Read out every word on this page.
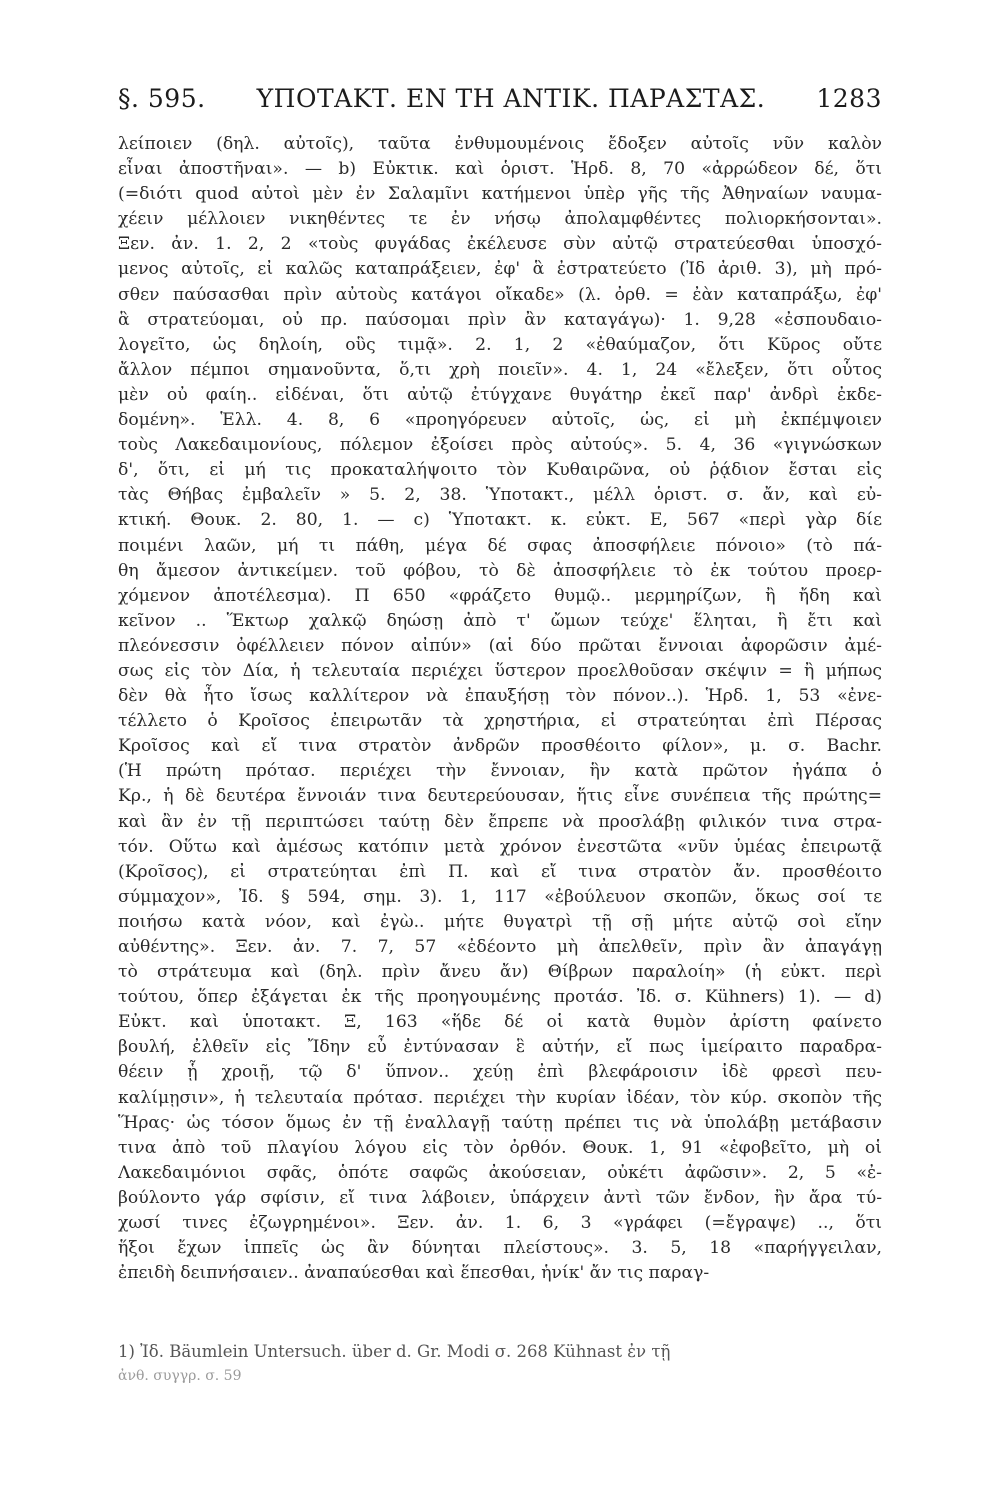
§. 595. ΥΠΟΤΑΚΤ. ΕΝ ΤΗ ΑΝΤΙΚ. ΠΑΡΑΣΤΑΣ. 1283
λείποιεν (δηλ. αὐτοῖς), ταῦτα ἐνθυμουμένοις ἔδοξεν αὐτοῖς νῦν καλὸν
εἶναι ἀποστῆναι». — b) Εὐκτικ. καὶ ὁριστ. Ἡρδ. 8, 70 «ἀρρώδεον δέ, ὅτι
(=διότι quod αὐτοὶ μὲν ἐν Σαλαμῖνι κατήμενοι ὑπὲρ γῆς τῆς Ἀθηναίων ναυμα-
χέειν μέλλοιεν νικηθέντες τε ἐν νήσῳ ἀπολαμφθέντες πολιορκήσονται».
Ξεν. ἀν. 1. 2, 2 «τοὺς φυγάδας ἐκέλευσε σὺν αὐτῷ στρατεύεσθαι ὑποσχό-
μενος αὐτοῖς, εἰ καλῶς καταπράξειεν, ἐφ' ἃ ἐστρατεύετο (Ἰδ ἀριθ. 3), μὴ πρό-
σθεν παύσασθαι πρὶν αὐτοὺς κατάγοι οἴκαδε» (λ. ὀρθ. = ἐὰν καταπράξω, ἐφ'
ἃ στρατεύομαι, οὐ πρ. παύσομαι πρὶν ἂν καταγάγω)· 1. 9,28 «ἐσπουδαιο-
λογεῖτο, ὡς δηλοίη, οὓς τιμᾷ». 2. 1, 2 «ἐθαύμαζον, ὅτι Κῦρος οὔτε
ἄλλον πέμποι σημανοῦντα, ὅ,τι χρὴ ποιεῖν». 4. 1, 24 «ἔλεξεν, ὅτι οὗτος
μὲν οὐ φαίη.. εἰδέναι, ὅτι αὐτῷ ἐτύγχανε θυγάτηρ ἐκεῖ παρ' ἀνδρὶ ἐκδε-
δομένη». Ἑλλ. 4. 8, 6 «προηγόρευεν αὐτοῖς, ὡς, εἰ μὴ ἐκπέμψοιεν
τοὺς Λακεδαιμονίους, πόλεμον ἐξοίσει πρὸς αὐτούς». 5. 4, 36 «γιγνώσκων
δ', ὅτι, εἰ μή τις προκαταλήψοιτο τὸν Κυθαιρῶνα, οὐ ῥᾴδιον ἔσται εἰς
τὰς Θήβας ἐμβαλεῖν » 5. 2, 38. Ὑποτακτ., μέλλ ὁριστ. σ. ἄν, καὶ εὐ-
κτική. Θουκ. 2. 80, 1. — c) Ὑποτακτ. κ. εὐκτ. Ε, 567 «περὶ γὰρ δίε
ποιμένι λαῶν, μή τι πάθη, μέγα δέ σφας ἀποσφήλειε πόνοιο» (τὸ πά-
θη ἄμεσον ἀντικείμεν. τοῦ φόβου, τὸ δὲ ἀποσφήλειε τὸ ἐκ τούτου προερ-
χόμενον ἀποτέλεσμα). Π 650 «φράζετο θυμῷ.. μερμηρίζων, ἢ ἤδη καὶ
κεῖνον .. Ἕκτωρ χαλκῷ δηώσῃ ἀπὸ τ' ὤμων τεύχε' ἕληται, ἢ ἔτι καὶ
πλεόνεσσιν ὀφέλλειεν πόνον αἰπύν» (αἱ δύο πρῶται ἔννοιαι ἀφορῶσιν ἀμέ-
σως εἰς τὸν Δία, ἡ τελευταία περιέχει ὕστερον προελθοῦσαν σκέψιν = ἢ μήπως
δὲν θὰ ἦτο ἴσως καλλίτερον νὰ ἐπαυξήσῃ τὸν πόνον..). Ἡρδ. 1, 53 «ἐνε-
τέλλετο ὁ Κροῖσος ἐπειρωτᾶν τὰ χρηστήρια, εἰ στρατεύηται ἐπὶ Πέρσας
Κροῖσος καὶ εἴ τινα στρατὸν ἀνδρῶν προσθέοιτο φίλον», μ. σ. Bachr.
(Ἡ πρώτη πρότασ. περιέχει τὴν ἔννοιαν, ἣν κατὰ πρῶτον ἠγάπα ὁ
Κρ., ἡ δὲ δευτέρα ἔννοιάν τινα δευτερεύουσαν, ἥτις εἶνε συνέπεια τῆς πρώτης=
καὶ ἂν ἐν τῇ περιπτώσει ταύτῃ δὲν ἔπρεπε νὰ προσλάβῃ φιλικόν τινα στρα-
τόν. Οὕτω καὶ ἀμέσως κατόπιν μετὰ χρόνον ἐνεστῶτα «νῦν ὑμέας ἐπειρωτᾷ
(Κροῖσος), εἰ στρατεύηται ἐπὶ Π. καὶ εἴ τινα στρατὸν ἄν. προσθέοιτο
σύμμαχον», Ἰδ. § 594, σημ. 3). 1, 117 «ἐβούλευον σκοπῶν, ὅκως σοί τε
ποιήσω κατὰ νόον, καὶ ἐγὼ.. μήτε θυγατρὶ τῇ σῇ μήτε αὐτῷ σοὶ εἴην
αὐθέντης». Ξεν. ἀν. 7. 7, 57 «ἐδέοντο μὴ ἀπελθεῖν, πρὶν ἂν ἀπαγάγῃ
τὸ στράτευμα καὶ (δηλ. πρὶν ἄνευ ἄν) Θίβρων παραλοίη» (ἡ εὐκτ. περὶ
τούτου, ὅπερ ἐξάγεται ἐκ τῆς προηγουμένης προτάσ. Ἰδ. σ. Kühners) 1). — d)
Εὐκτ. καὶ ὑποτακτ. Ξ, 163 «ἥδε δέ οἱ κατὰ θυμὸν ἀρίστη φαίνετο
βουλή, ἐλθεῖν εἰς Ἴδην εὖ ἐντύνασαν ἓ αὐτήν, εἴ πως ἱμείραιτο παραδρα-
θέειν ᾗ χροιῇ, τῷ δ' ὕπνον.. χεύῃ ἐπὶ βλεφάροισιν ἰδὲ φρεσὶ πευ-
καλίμῃσιν», ἡ τελευταία πρότασ. περιέχει τὴν κυρίαν ἰδέαν, τὸν κύρ. σκοπὸν τῆς
Ἥρας· ὡς τόσον ὅμως ἐν τῇ ἐναλλαγῇ ταύτῃ πρέπει τις νὰ ὑπολάβῃ μετάβασιν
τινα ἀπὸ τοῦ πλαγίου λόγου εἰς τὸν ὀρθόν. Θουκ. 1, 91 «ἐφοβεῖτο, μὴ οἱ
Λακεδαιμόνιοι σφᾶς, ὁπότε σαφῶς ἀκούσειαν, οὐκέτι ἀφῶσιν». 2, 5 «ἐ-
βούλοντο γάρ σφίσιν, εἴ τινα λάβοιεν, ὑπάρχειν ἀντὶ τῶν ἔνδον, ἢν ἄρα τύ-
χωσί τινες ἐζωγρημένοι». Ξεν. ἀν. 1. 6, 3 «γράφει (=ἔγραψε) .., ὅτι
ἥξοι ἔχων ἱππεῖς ὡς ἂν δύνηται πλείστους». 3. 5, 18 «παρήγγειλαν,
ἐπειδὴ δειπνήσαιεν.. ἀναπαύεσθαι καὶ ἕπεσθαι, ἡνίκ' ἄν τις παραγ-
1) Ἰδ. Bäumlein Untersuch. über d. Gr. Modi σ. 268 Kühnast ἐν τῇ
ἀνθ. συγγρ. σ. 59
